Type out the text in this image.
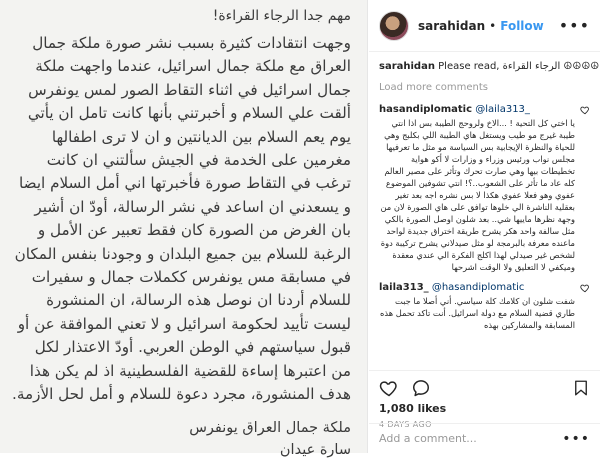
مهم جدا الرجاء القراءة!
وجهت انتقادات كثيرة بسبب نشر صورة ملكة جمال العراق مع ملكة جمال اسرائيل، عندما واجهت ملكة جمال اسرائيل في اثناء التقاط الصور لمس يونفرس ألقت علي السلام و أخبرتني بأنها كانت تامل ان يأتي يوم يعم السلام بين الديانتين و ان لا ترى اطفالها مغرمين على الخدمة في الجيش سألتني ان كانت ترغب في التقاط صورة فأخبرتها اني أمل السلام ايضا و يسعدني ان اساعد في نشر الرسالة، أودّ ان أشير بان الغرض من الصورة كان فقط تعبير عن الأمل و الرغبة للسلام بين جميع البلدان و وجودنا بنفس المكان في مسابقة مس يونفرس ككملات جمال و سفيرات للسلام أردنا ان نوصل هذه الرسالة، ان المنشورة ليست تأييد لحكومة اسرائيل و لا تعني الموافقة عن أو قبول سياستهم في الوطن العربي. أودّ الاعتذار لكل من اعتبرها إساءة للقضية الفلسطينية اذ لم يكن هذا هدف المنشورة، مجرد دعوة للسلام و أمل لحل الأزمة.
ملكة جمال العراق يونفرس
سارة عيدان
sarahidan • Follow •••
sarahidan Please read, الرجاء القراءة ☮☮☮☮
Load more comments
hasandiplomatic @laila313_
يا اختي كل التحية ! ...الاخ ولروحج الطيبة بس اذا انتي طيبة غيرج مو طيب ويستغل هاي الطيبة اللي بكلبج وهي للحياة والنظرة الإيجابية بس السياسة مو مثل ما تعرفيها مجلس نواب ورئيس وزراء و وزارات لا أكو هواية تخطيطات بيها وهي صارت تحرك وتأثر على مصير العالم كله عاد ما تأثر على الشعوب..؟! انتي تشوفين الموضوع عفوي وهو فعلا عفوي هكذا لا بس نشره اجه بعد تغير بعقلية الناشرة الي خلوها توافق على هاي الصورة لان من وجهة نظرها ماييها شي.. بعد شلون اوصل الصورة بالكي مثل سالفة واحد هكر يشرح طريقة اختراق جديدة لواحد ماعنده معرفة بالبرمجة لو مثل صيدلاني يشرح تركيبة دوة لشخص غير صيدلي لهذا اكلج الفكرة الي عندي معقدة وميكفي لا التعليق ولا الوقت اشرحها
laila313_ @hasandiplomatic
شفت شلون ان كلامك كلة سياسي. أني أصلا ما جبت طاري قضية السلام مع دولة اسرائيل. أنت تاكد تحمل هذه المسابقة والمشاركين بهذه
1,080 likes
4 DAYS AGO
Add a comment...
•••
